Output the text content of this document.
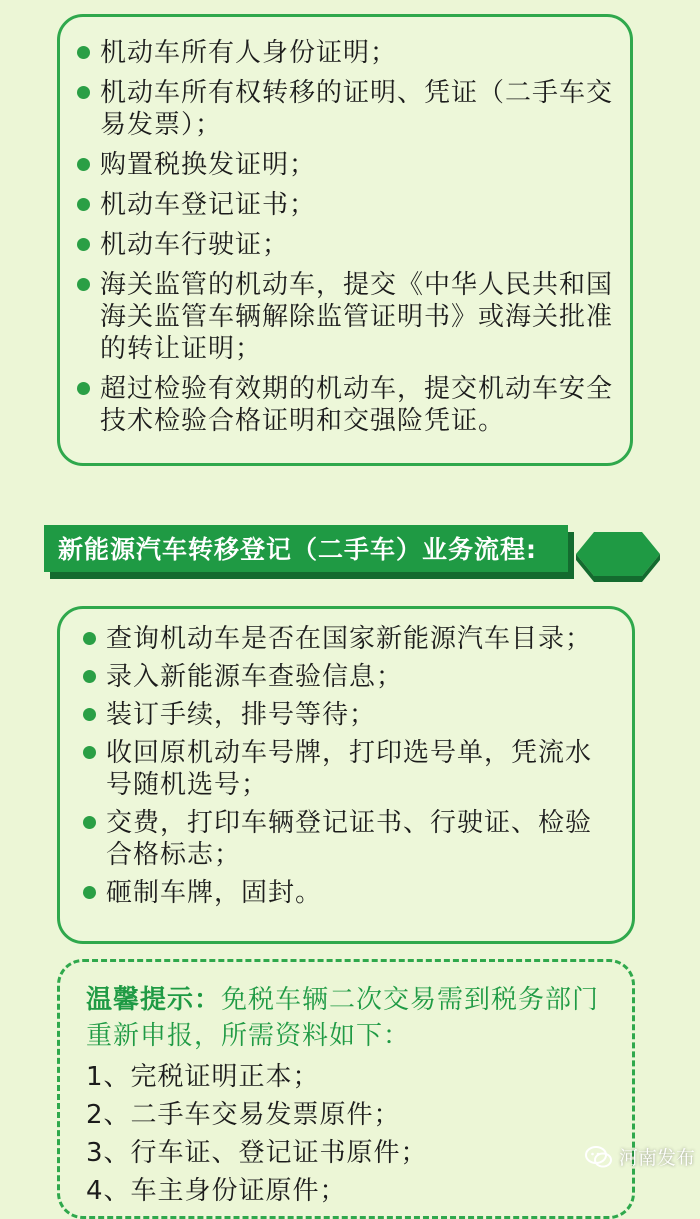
机动车所有人身份证明；
机动车所有权转移的证明、凭证（二手车交易发票）；
购置税换发证明；
机动车登记证书；
机动车行驶证；
海关监管的机动车，提交《中华人民共和国海关监管车辆解除监管证明书》或海关批准的转让证明；
超过检验有效期的机动车，提交机动车安全技术检验合格证明和交强险凭证。
新能源汽车转移登记（二手车）业务流程:
查询机动车是否在国家新能源汽车目录；
录入新能源车查验信息；
装订手续，排号等待；
收回原机动车号牌，打印选号单，凭流水号随机选号；
交费，打印车辆登记证书、行驶证、检验合格标志；
砸制车牌，固封。

温馨提示：免税车辆二次交易需到税务部门重新申报，所需资料如下：

1、完税证明正本；
2、二手车交易发票原件；
3、行车证、登记证书原件；
4、车主身份证原件；
河南发布
